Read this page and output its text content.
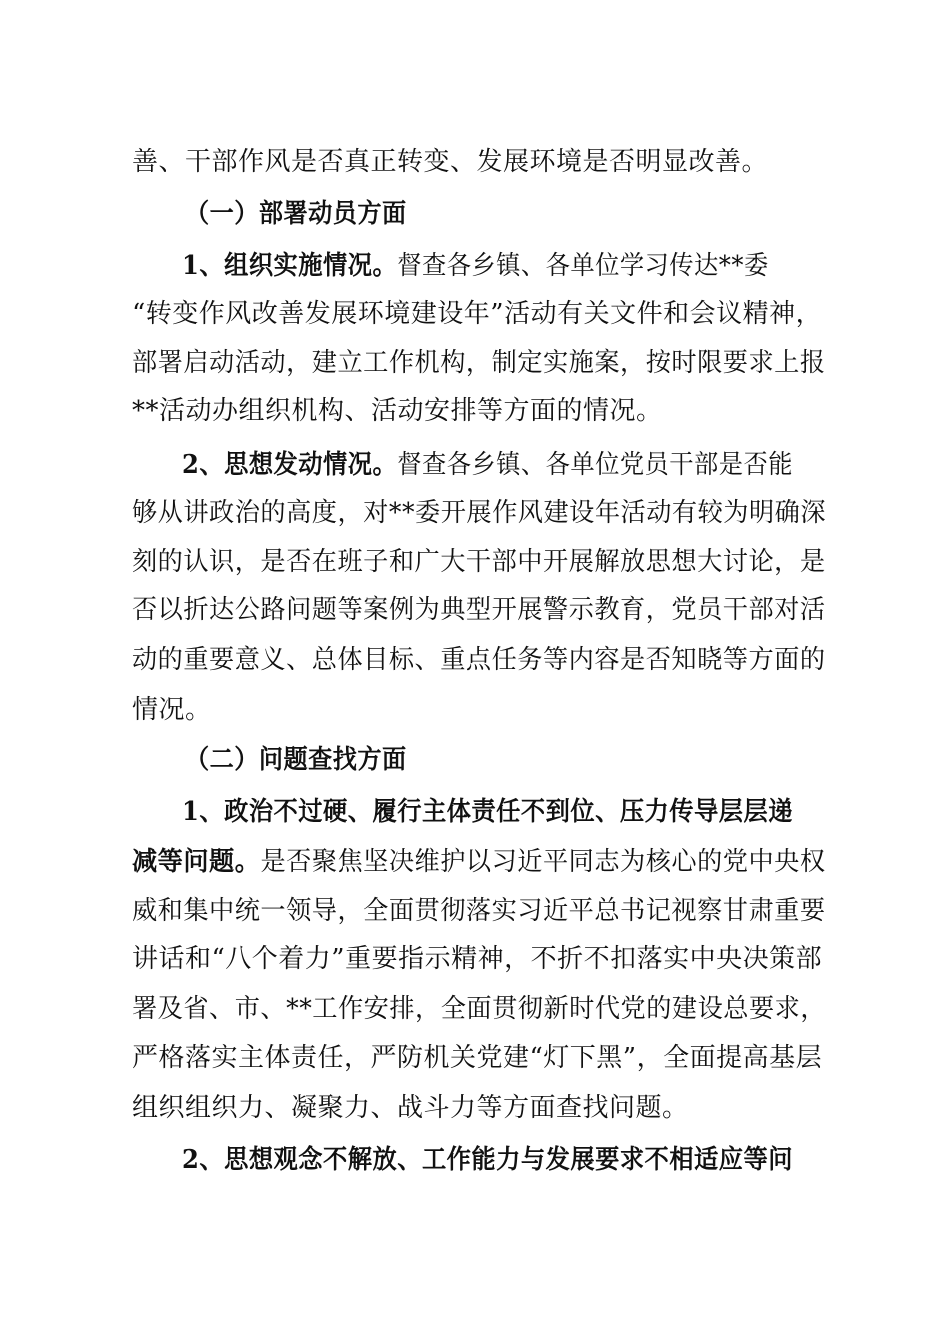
善、干部作风是否真正转变、发展环境是否明显改善。
（一）部署动员方面
1、组织实施情况。督查各乡镇、各单位学习传达**委
“转变作风改善发展环境建设年”活动有关文件和会议精神，
部署启动活动，建立工作机构，制定实施案，按时限要求上报
**活动办组织机构、活动安排等方面的情况。
2、思想发动情况。督查各乡镇、各单位党员干部是否能
够从讲政治的高度，对**委开展作风建设年活动有较为明确深
刻的认识，是否在班子和广大干部中开展解放思想大讨论，是
否以折达公路问题等案例为典型开展警示教育，党员干部对活
动的重要意义、总体目标、重点任务等内容是否知晓等方面的
情况。
（二）问题查找方面
1、政治不过硬、履行主体责任不到位、压力传导层层递
减等问题。是否聚焦坚决维护以习近平同志为核心的党中央权
威和集中统一领导，全面贯彻落实习近平总书记视察甘肃重要
讲话和“八个着力”重要指示精神，不折不扣落实中央决策部
署及省、市、**工作安排，全面贯彻新时代党的建设总要求，
严格落实主体责任，严防机关党建“灯下黑”，全面提高基层
组织组织力、凝聚力、战斗力等方面查找问题。
2、思想观念不解放、工作能力与发展要求不相适应等问
